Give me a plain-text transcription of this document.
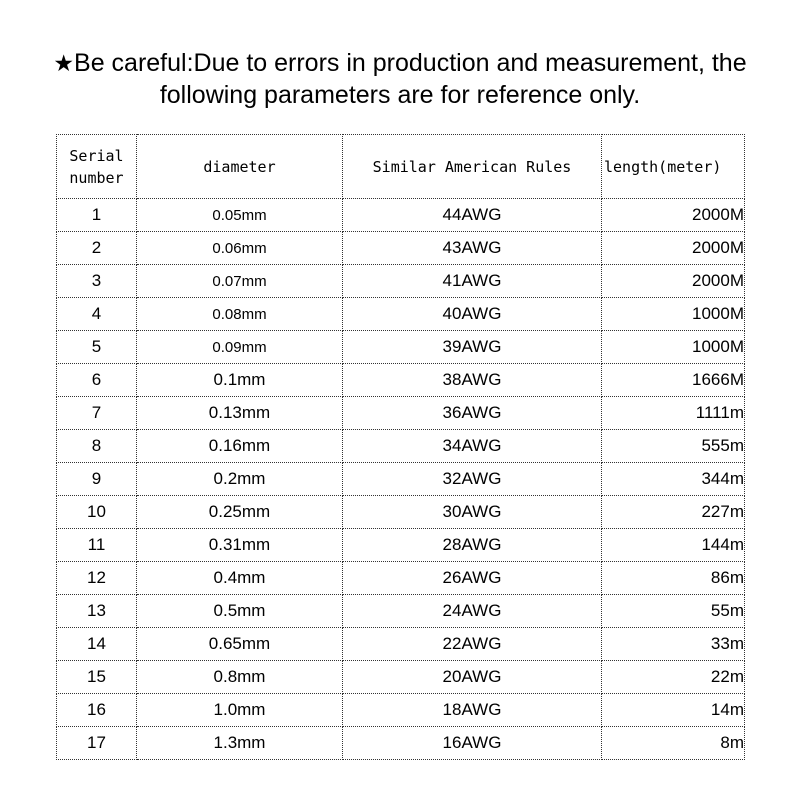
★Be careful:Due to errors in production and measurement, the
following parameters are for reference only.
Serial
number	diameter	Similar American Rules	length(meter)
1	0.05mm	44AWG	2000M
2	0.06mm	43AWG	2000M
3	0.07mm	41AWG	2000M
4	0.08mm	40AWG	1000M
5	0.09mm	39AWG	1000M
6	0.1mm	38AWG	1666M
7	0.13mm	36AWG	1111m
8	0.16mm	34AWG	555m
9	0.2mm	32AWG	344m
10	0.25mm	30AWG	227m
11	0.31mm	28AWG	144m
12	0.4mm	26AWG	86m
13	0.5mm	24AWG	55m
14	0.65mm	22AWG	33m
15	0.8mm	20AWG	22m
16	1.0mm	18AWG	14m
17	1.3mm	16AWG	8m
